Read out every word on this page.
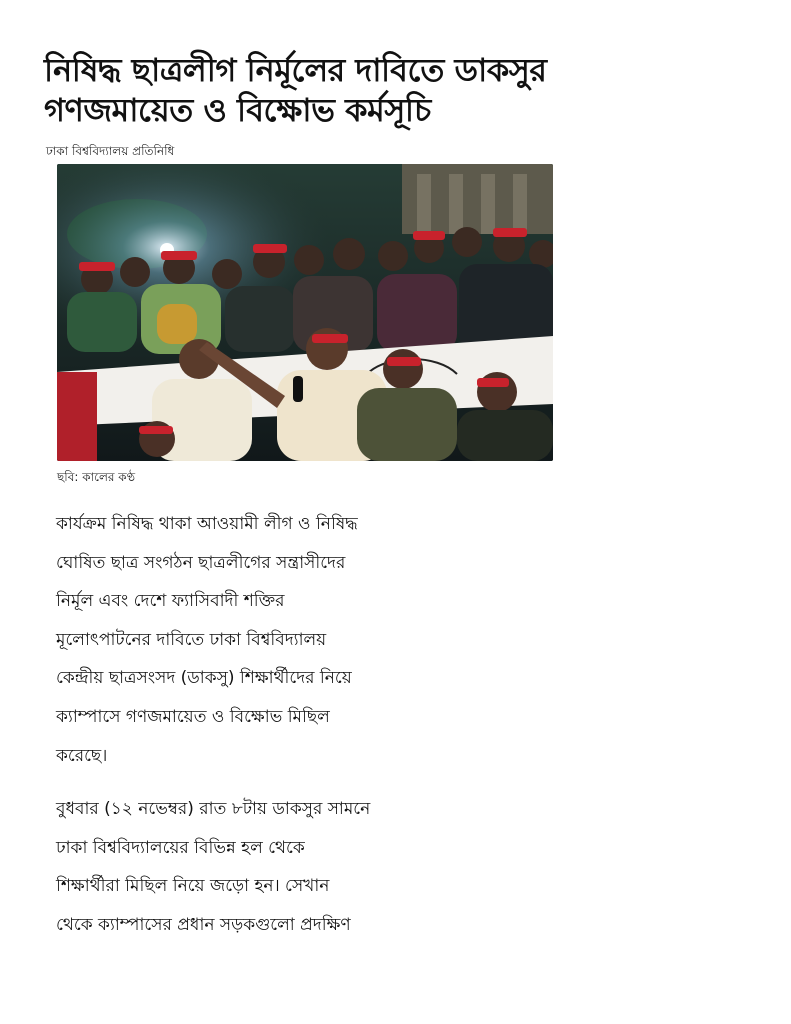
নিষিদ্ধ ছাত্রলীগ নির্মূলের দাবিতে ডাকসুর
গণজমায়েত ও বিক্ষোভ কর্মসূচি
ঢাকা বিশ্ববিদ্যালয় প্রতিনিধি
ছবি: কালের কণ্ঠ

কার্যক্রম নিষিদ্ধ থাকা আওয়ামী লীগ ও নিষিদ্ধ
ঘোষিত ছাত্র সংগঠন ছাত্রলীগের সন্ত্রাসীদের
নির্মূল এবং দেশে ফ্যাসিবাদী শক্তির
মূলোৎপাটনের দাবিতে ঢাকা বিশ্ববিদ্যালয়
কেন্দ্রীয় ছাত্রসংসদ (ডাকসু) শিক্ষার্থীদের নিয়ে
ক্যাম্পাসে গণজমায়েত ও বিক্ষোভ মিছিল
করেছে।

বুধবার (১২ নভেম্বর) রাত ৮টায় ডাকসুর সামনে
ঢাকা বিশ্ববিদ্যালয়ের বিভিন্ন হল থেকে
শিক্ষার্থীরা মিছিল নিয়ে জড়ো হন। সেখান
থেকে ক্যাম্পাসের প্রধান সড়কগুলো প্রদক্ষিণ
